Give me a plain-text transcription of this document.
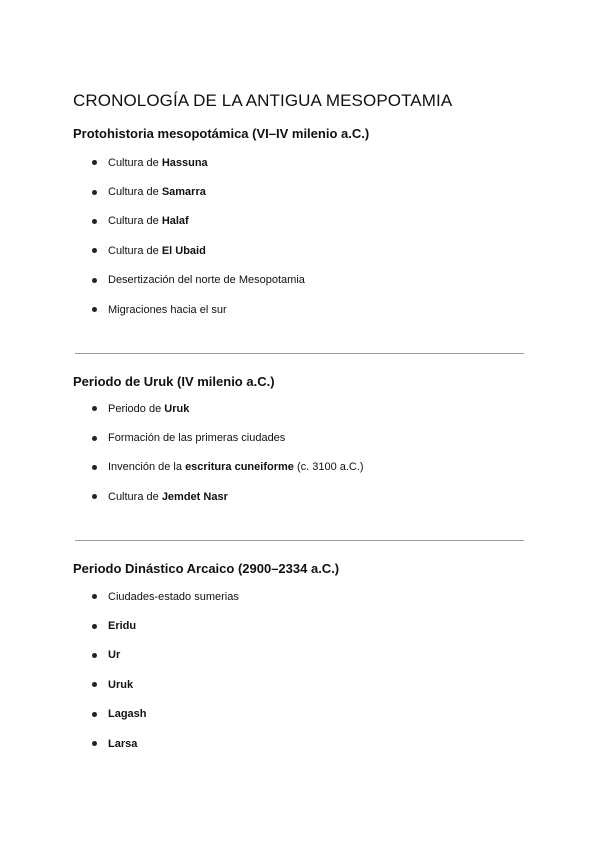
CRONOLOGÍA DE LA ANTIGUA MESOPOTAMIA
Protohistoria mesopotámica (VI–IV milenio a.C.)
Cultura de Hassuna
Cultura de Samarra
Cultura de Halaf
Cultura de El Ubaid
Desertización del norte de Mesopotamia
Migraciones hacia el sur
Periodo de Uruk (IV milenio a.C.)
Periodo de Uruk
Formación de las primeras ciudades
Invención de la escritura cuneiforme (c. 3100 a.C.)
Cultura de Jemdet Nasr
Periodo Dinástico Arcaico (2900–2334 a.C.)
Ciudades-estado sumerias
Eridu
Ur
Uruk
Lagash
Larsa
